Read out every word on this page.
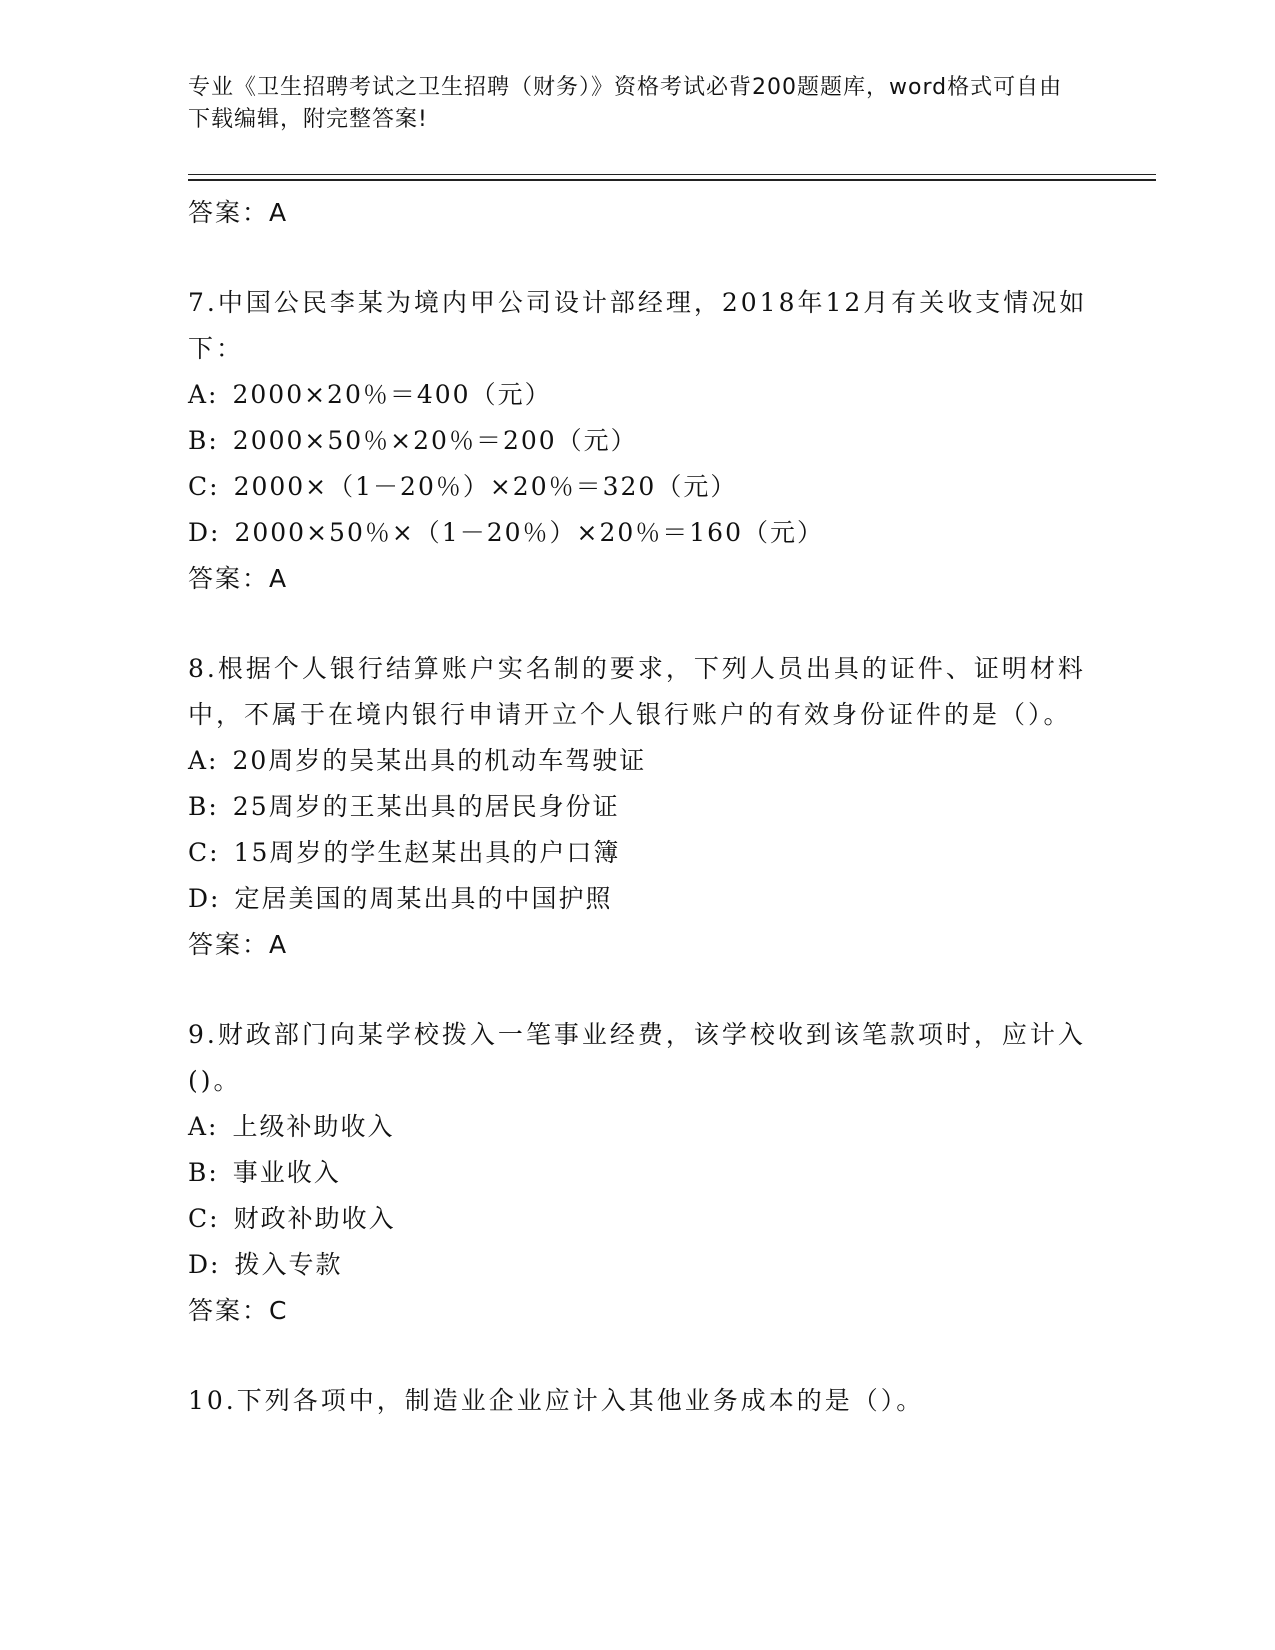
专业《卫生招聘考试之卫生招聘（财务）》资格考试必背200题题库，word格式可自由下载编辑，附完整答案!
答案：A
7.中国公民李某为境内甲公司设计部经理，2018年12月有关收支情况如下：
A: 2000×20％＝400（元）
B: 2000×50％×20％＝200（元）
C: 2000×（1－20％）×20％＝320（元）
D: 2000×50％×（1－20％）×20％＝160（元）
答案：A
8.根据个人银行结算账户实名制的要求，下列人员出具的证件、证明材料中，不属于在境内银行申请开立个人银行账户的有效身份证件的是（）。
A: 20周岁的吴某出具的机动车驾驶证
B: 25周岁的王某出具的居民身份证
C: 15周岁的学生赵某出具的户口簿
D: 定居美国的周某出具的中国护照
答案：A
9.财政部门向某学校拨入一笔事业经费，该学校收到该笔款项时，应计入()。
A: 上级补助收入
B: 事业收入
C: 财政补助收入
D: 拨入专款
答案：C
10.下列各项中，制造业企业应计入其他业务成本的是（）。
